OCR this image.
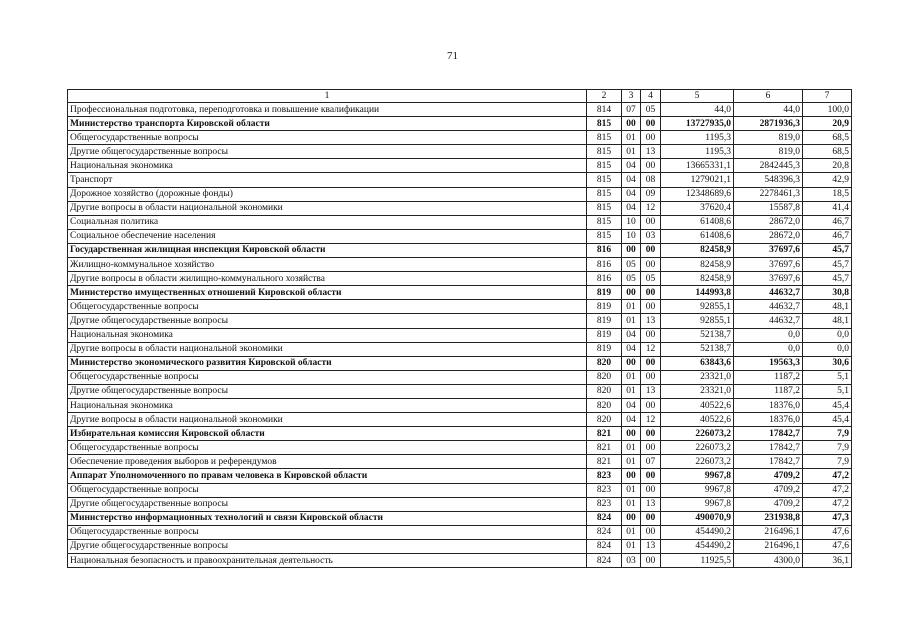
71
1	2	3	4	5	6	7
Профессиональная подготовка, переподготовка и повышение квалификации	814	07	05	44,0	44,0	100,0
Министерство транспорта Кировской области	815	00	00	13727935,0	2871936,3	20,9
Общегосударственные вопросы	815	01	00	1195,3	819,0	68,5
Другие общегосударственные вопросы	815	01	13	1195,3	819,0	68,5
Национальная экономика	815	04	00	13665331,1	2842445,3	20,8
Транспорт	815	04	08	1279021,1	548396,3	42,9
Дорожное хозяйство (дорожные фонды)	815	04	09	12348689,6	2278461,3	18,5
Другие вопросы в области национальной экономики	815	04	12	37620,4	15587,8	41,4
Социальная политика	815	10	00	61408,6	28672,0	46,7
Социальное обеспечение населения	815	10	03	61408,6	28672,0	46,7
Государственная жилищная инспекция Кировской области	816	00	00	82458,9	37697,6	45,7
Жилищно-коммунальное хозяйство	816	05	00	82458,9	37697,6	45,7
Другие вопросы в области жилищно-коммунального хозяйства	816	05	05	82458,9	37697,6	45,7
Министерство имущественных отношений Кировской области	819	00	00	144993,8	44632,7	30,8
Общегосударственные вопросы	819	01	00	92855,1	44632,7	48,1
Другие общегосударственные вопросы	819	01	13	92855,1	44632,7	48,1
Национальная экономика	819	04	00	52138,7	0,0	0,0
Другие вопросы в области национальной экономики	819	04	12	52138,7	0,0	0,0
Министерство экономического развития Кировской области	820	00	00	63843,6	19563,3	30,6
Общегосударственные вопросы	820	01	00	23321,0	1187,2	5,1
Другие общегосударственные вопросы	820	01	13	23321,0	1187,2	5,1
Национальная экономика	820	04	00	40522,6	18376,0	45,4
Другие вопросы в области национальной экономики	820	04	12	40522,6	18376,0	45,4
Избирательная комиссия Кировской области	821	00	00	226073,2	17842,7	7,9
Общегосударственные вопросы	821	01	00	226073,2	17842,7	7,9
Обеспечение проведения выборов и референдумов	821	01	07	226073,2	17842,7	7,9
Аппарат Уполномоченного по правам человека в Кировской области	823	00	00	9967,8	4709,2	47,2
Общегосударственные вопросы	823	01	00	9967,8	4709,2	47,2
Другие общегосударственные вопросы	823	01	13	9967,8	4709,2	47,2
Министерство информационных технологий и связи Кировской области	824	00	00	490070,9	231938,8	47,3
Общегосударственные вопросы	824	01	00	454490,2	216496,1	47,6
Другие общегосударственные вопросы	824	01	13	454490,2	216496,1	47,6
Национальная безопасность и правоохранительная деятельность	824	03	00	11925,5	4300,0	36,1
